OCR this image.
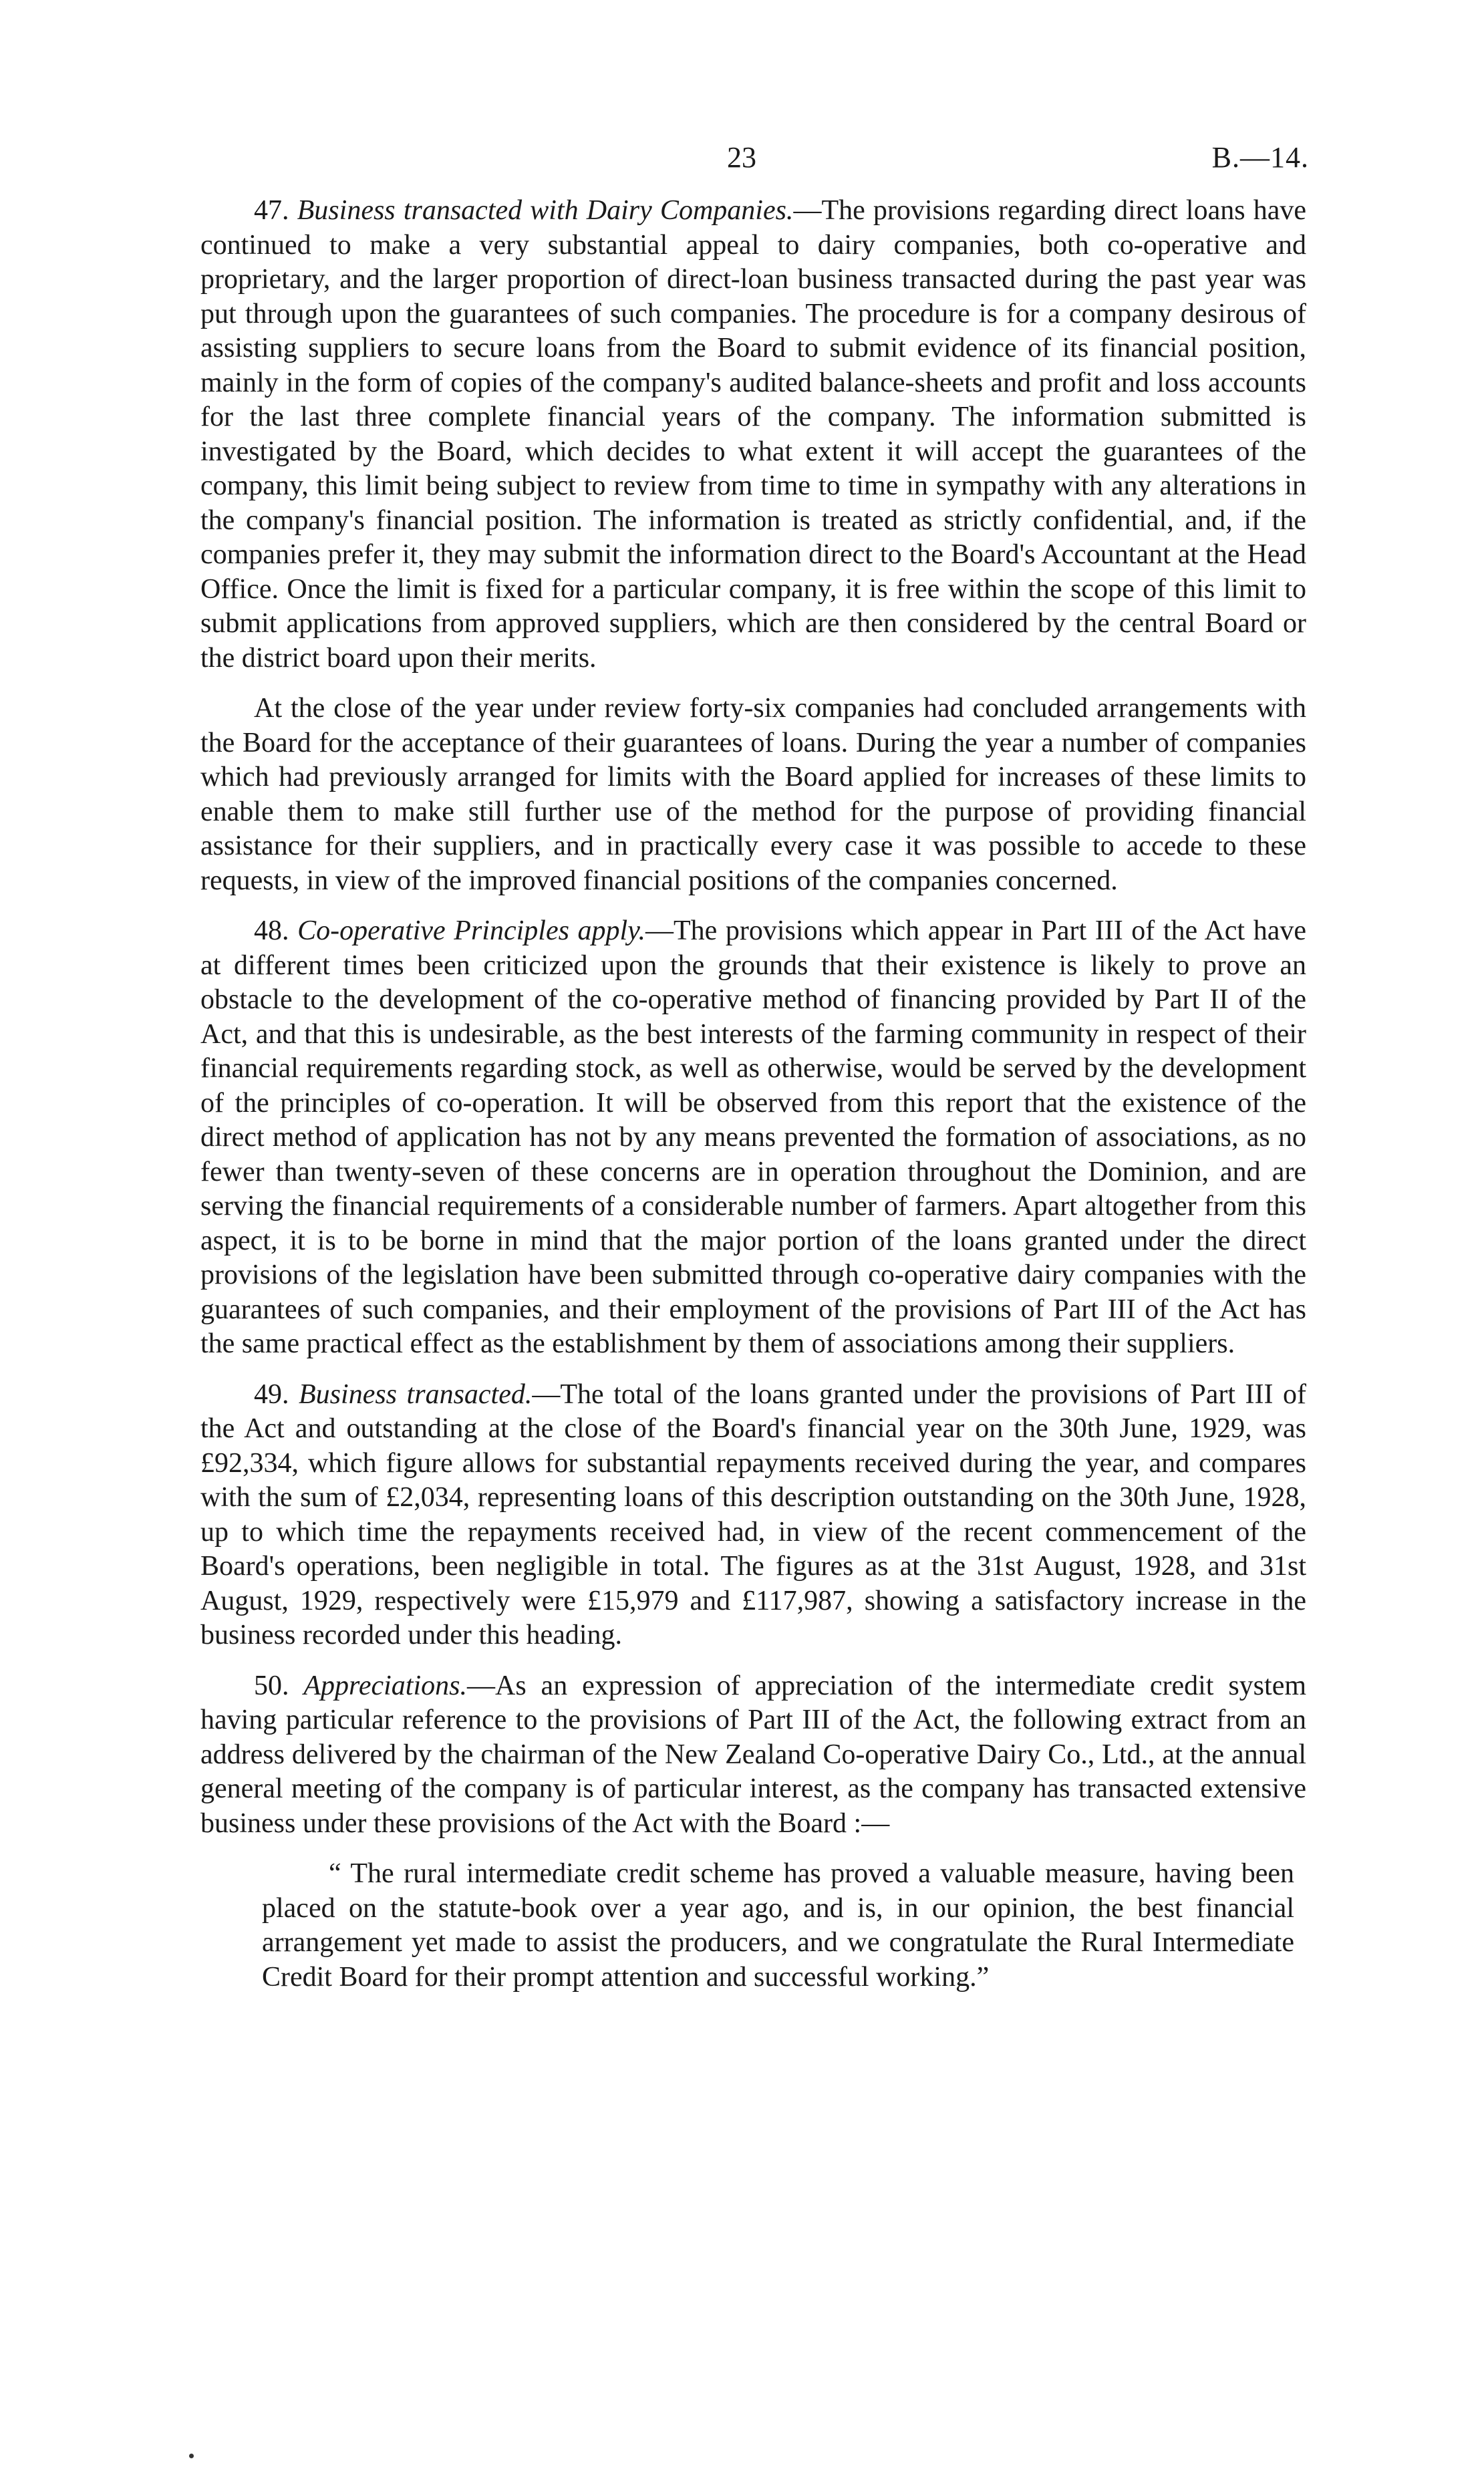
23	B.—14.

47. Business transacted with Dairy Companies.—The provisions regarding direct loans have continued to make a very substantial appeal to dairy companies, both co-operative and proprietary, and the larger proportion of direct-loan business transacted during the past year was put through upon the guarantees of such companies. The procedure is for a company desirous of assisting suppliers to secure loans from the Board to submit evidence of its financial position, mainly in the form of copies of the company's audited balance-sheets and profit and loss accounts for the last three complete financial years of the company. The information submitted is investigated by the Board, which decides to what extent it will accept the guarantees of the company, this limit being subject to review from time to time in sympathy with any alterations in the company's financial position. The information is treated as strictly confidential, and, if the companies prefer it, they may submit the information direct to the Board's Accountant at the Head Office. Once the limit is fixed for a particular company, it is free within the scope of this limit to submit applications from approved suppliers, which are then considered by the central Board or the district board upon their merits.

At the close of the year under review forty-six companies had concluded arrangements with the Board for the acceptance of their guarantees of loans. During the year a number of companies which had previously arranged for limits with the Board applied for increases of these limits to enable them to make still further use of the method for the purpose of providing financial assistance for their suppliers, and in practically every case it was possible to accede to these requests, in view of the improved financial positions of the companies concerned.

48. Co-operative Principles apply.—The provisions which appear in Part III of the Act have at different times been criticized upon the grounds that their existence is likely to prove an obstacle to the development of the co-operative method of financing provided by Part II of the Act, and that this is undesirable, as the best interests of the farming community in respect of their financial requirements regarding stock, as well as otherwise, would be served by the development of the principles of co-operation. It will be observed from this report that the existence of the direct method of application has not by any means prevented the formation of associations, as no fewer than twenty-seven of these concerns are in operation throughout the Dominion, and are serving the financial requirements of a considerable number of farmers. Apart altogether from this aspect, it is to be borne in mind that the major portion of the loans granted under the direct provisions of the legislation have been submitted through co-operative dairy companies with the guarantees of such companies, and their employment of the provisions of Part III of the Act has the same practical effect as the establishment by them of associations among their suppliers.

49. Business transacted.—The total of the loans granted under the provisions of Part III of the Act and outstanding at the close of the Board's financial year on the 30th June, 1929, was £92,334, which figure allows for substantial repayments received during the year, and compares with the sum of £2,034, representing loans of this description outstanding on the 30th June, 1928, up to which time the repayments received had, in view of the recent commencement of the Board's operations, been negligible in total. The figures as at the 31st August, 1928, and 31st August, 1929, respectively were £15,979 and £117,987, showing a satisfactory increase in the business recorded under this heading.

50. Appreciations.—As an expression of appreciation of the intermediate credit system having particular reference to the provisions of Part III of the Act, the following extract from an address delivered by the chairman of the New Zealand Co-operative Dairy Co., Ltd., at the annual general meeting of the company is of particular interest, as the company has transacted extensive business under these provisions of the Act with the Board :—

“ The rural intermediate credit scheme has proved a valuable measure, having been placed on the statute-book over a year ago, and is, in our opinion, the best financial arrangement yet made to assist the producers, and we congratulate the Rural Intermediate Credit Board for their prompt attention and successful working.”
